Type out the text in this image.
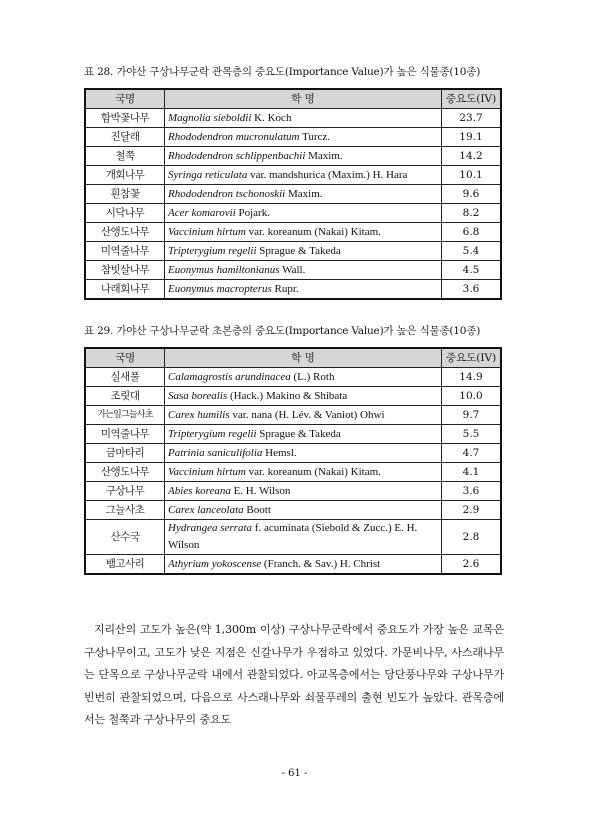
표 28. 가야산 구상나무군락 관목층의 중요도(Importance Value)가 높은 식물종(10종)
국명	학 명	중요도(IV)
함박꽃나무	Magnolia sieboldii K. Koch	23.7
진달래	Rhododendron mucronulatum Turcz.	19.1
철쭉	Rhododendron schlippenbachii Maxim.	14.2
개회나무	Syringa reticulata var. mandshurica (Maxim.) H. Hara	10.1
흰참꽃	Rhododendron tschonoskii Maxim.	9.6
시닥나무	Acer komarovii Pojark.	8.2
산앵도나무	Vaccinium hirtum var. koreanum (Nakai) Kitam.	6.8
미역줄나무	Tripterygium regelii Sprague & Takeda	5.4
참빗살나무	Euonymus hamiltonianus Wall.	4.5
나래회나무	Euonymus macropterus Rupr.	3.6
표 29. 가야산 구상나무군락 초본층의 중요도(Importance Value)가 높은 식물종(10종)
국명	학 명	중요도(IV)
실새풀	Calamagrostis arundinacea (L.) Roth	14.9
조릿대	Sasa borealis (Hack.) Makino & Shibata	10.0
가는잎그늘사초	Carex humilis var. nana (H. Lév. & Vaniot) Ohwi	9.7
미역줄나무	Tripterygium regelii Sprague & Takeda	5.5
금마타리	Patrinia saniculifolia Hemsl.	4.7
산앵도나무	Vaccinium hirtum var. koreanum (Nakai) Kitam.	4.1
구상나무	Abies koreana E. H. Wilson	3.6
그늘사초	Carex lanceolata Boott	2.9
산수국	Hydrangea serrata f. acuminata (Siebold & Zucc.) E. H. Wilson	2.8
뱀고사리	Athyrium yokoscense (Franch. & Sav.) H. Christ	2.6

지리산의 고도가 높은(약 1,300m 이상) 구상나무군락에서 중요도가 가장 높은 교목은 구상나무이고, 고도가 낮은 지점은 신갈나무가 우점하고 있었다. 가문비나무, 사스래나무는 단목으로 구상나무군락 내에서 관찰되었다. 아교목층에서는 당단풍나무와 구상나무가 빈번히 관찰되었으며, 다음으로 사스래나무와 쇠물푸레의 출현 빈도가 높았다. 관목층에서는 철쭉과 구상나무의 중요도

- 61 -
